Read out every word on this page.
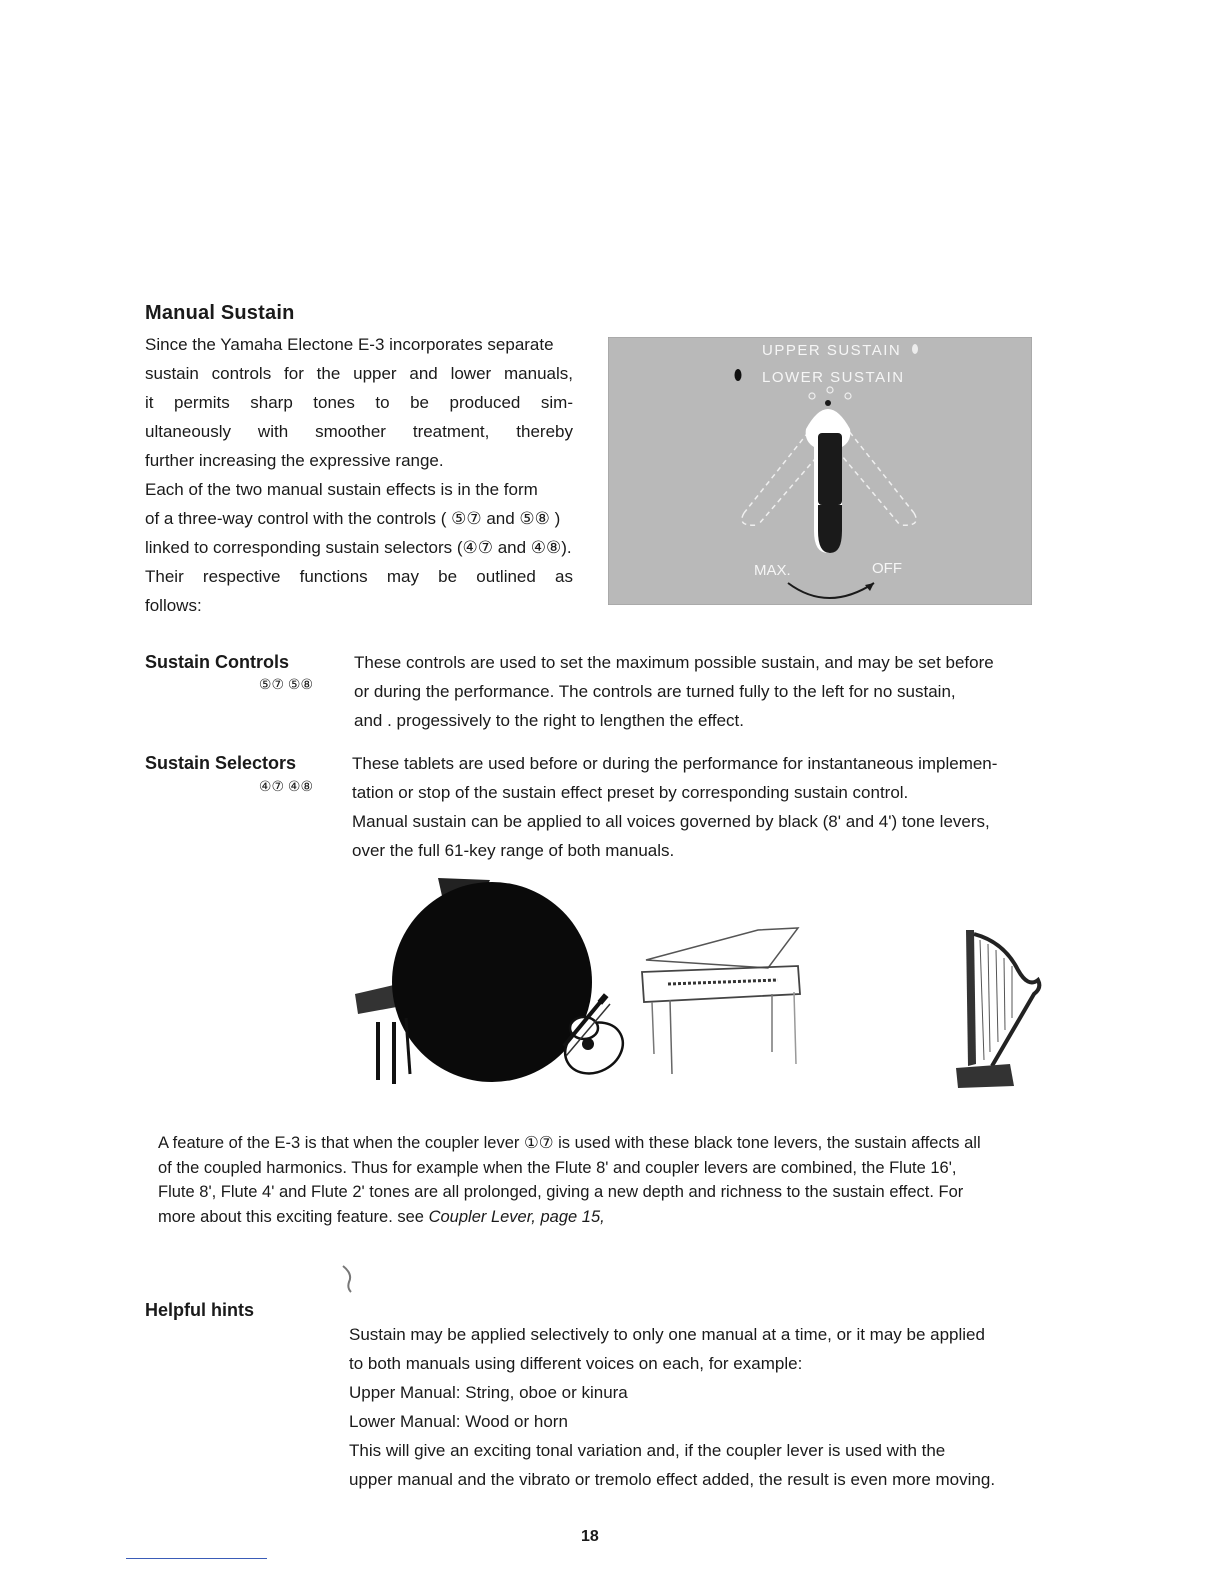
Manual Sustain

Since the Yamaha Electone E-3 incorporates separate

sustain controls for the upper and lower manuals,

it permits sharp tones to be produced sim-

ultaneously with smoother treatment, thereby

further increasing the expressive range.

Each of the two manual sustain effects is in the form

of a three-way control with the controls ( ⑤⑦ and ⑤⑧ )

linked to corresponding sustain selectors (④⑦ and ④⑧).

Their respective functions may be outlined as

follows:

UPPER SUSTAIN
LOWER SUSTAIN
MAX.	OFF
Sustain Controls
⑤⑦ ⑤⑧

These controls are used to set the maximum possible sustain, and may be set before

or during the performance. The controls are turned fully to the left for no sustain,

and . progessively to the right to lengthen the effect.

Sustain Selectors
④⑦ ④⑧

These tablets are used before or during the performance for instantaneous implemen-

tation or stop of the sustain effect preset by corresponding sustain control.

Manual sustain can be applied to all voices governed by black (8' and 4') tone levers,

over the full 61-key range of both manuals.

A feature of the E-3 is that when the coupler lever ①⑦ is used with these black tone levers, the sustain affects all

of the coupled harmonics. Thus for example when the Flute 8' and coupler levers are combined, the Flute 16',

Flute 8', Flute 4' and Flute 2' tones are all prolonged, giving a new depth and richness to the sustain effect. For

more about this exciting feature. see Coupler Lever, page 15,

Helpful hints

Sustain may be applied selectively to only one manual at a time, or it may be applied

to both manuals using different voices on each, for example:

Upper Manual: String, oboe or kinura

Lower Manual: Wood or horn

This will give an exciting tonal variation and, if the coupler lever is used with the

upper manual and the vibrato or tremolo effect added, the result is even more moving.

18
